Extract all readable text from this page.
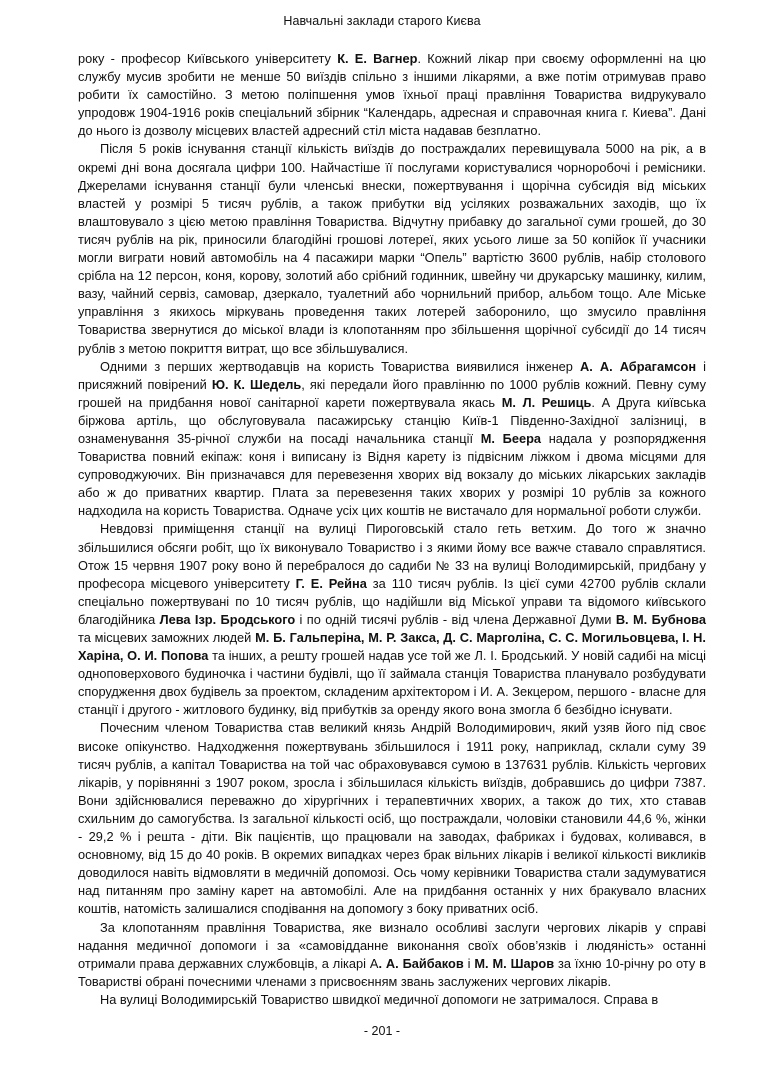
Навчальні заклади старого Києва

року - професор Київського університету К. Е. Вагнер. Кожний лікар при своєму оформленні на цю службу мусив зробити не менше 50 виїздів спільно з іншими лікарями, а вже потім отримував право робити їх самостійно. З метою поліпшення умов їхньої праці правління Товариства видрукувало упродовж 1904-1916 років спеціальний збірник “Календарь, адресная и справочная книга г. Киева”. Дані до нього із дозволу місцевих властей адресний стіл міста надавав безплатно.

Після 5 років існування станції кількість виїздів до постраждалих перевищувала 5000 на рік, а в окремі дні вона досягала цифри 100. Найчастіше її послугами користувалися чорноробочі і ремісники. Джерелами існування станції були членські внески, пожертвування і щорічна субсидія від міських властей у розмірі 5 тисяч рублів, а також прибутки від усіляких розважальних заходів, що їх влаштовувало з цією метою правління Товариства. Відчутну прибавку до загальної суми грошей, до 30 тисяч рублів на рік, приносили благодійні грошові лотереї, яких усього лише за 50 копійок її учасники могли виграти новий автомобіль на 4 пасажири марки “Опель” вартістю 3600 рублів, набір столового срібла на 12 персон, коня, корову, золотий або срібний годинник, швейну чи друкарську машинку, килим, вазу, чайний сервіз, самовар, дзеркало, туалетний або чорнильний прибор, альбом тощо. Але Міське управління з якихось міркувань проведення таких лотерей заборонило, що змусило правління Товариства звернутися до міської влади із клопотанням про збільшення щорічної субсидії до 14 тисяч рублів з метою покриття витрат, що все збільшувалися.

Одними з перших жертводавців на користь Товариства виявилися інженер А. А. Абрагамсон і присяжний повірений Ю. К. Шедель, які передали його правлінню по 1000 рублів кожний. Певну суму грошей на придбання нової санітарної карети пожертвувала якась М. Л. Решиць. А Друга київська біржова артіль, що обслуговувала пасажирську станцію Київ-1 Південно-Західної залізниці, в ознаменування 35-річної служби на посаді начальника станції М. Беера надала у розпорядження Товариства повний екіпаж: коня і виписану із Відня карету із підвісним ліжком і двома місцями для супроводжуючих. Він призначався для перевезення хворих від вокзалу до міських лікарських закладів або ж до приватних квартир. Плата за перевезення таких хворих у розмірі 10 рублів за кожного надходила на користь Товариства. Одначе усіх цих коштів не вистачало для нормальної роботи служби.

Невдовзі приміщення станції на вулиці Пироговській стало геть ветхим. До того ж значно збільшилися обсяги робіт, що їх виконувало Товариство і з якими йому все важче ставало справлятися. Отож 15 червня 1907 року воно й перебралося до садиби № 33 на вулиці Володимирській, придбану у професора місцевого університету Г. Е. Рейна за 110 тисяч рублів. Із цієї суми 42700 рублів склали спеціально пожертвувані по 10 тисяч рублів, що надійшли від Міської управи та відомого київського благодійника Лева Ізр. Бродського і по одній тисячі рублів - від члена Державної Думи В. М. Бубнова та місцевих заможних людей М. Б. Гальперіна, М. Р. Закса, Д. С. Марголіна, С. С. Могильовцева, І. Н. Харіна, О. И. Попова та інших, а решту грошей надав усе той же Л. І. Бродський. У новій садибі на місці одноповерхового будиночка і частини будівлі, що її займала станція Товариства планувало розбудувати спорудження двох будівель за проектом, складеним архітектором і И. А. Зекцером, першого - власне для станції і другого - житлового будинку, від прибутків за оренду якого вона змогла б безбідно існувати.

Почесним членом Товариства став великий князь Андрій Володимирович, який узяв його під своє високе опікунство. Надходження пожертвувань збільшилося і 1911 року, наприклад, склали суму 39 тисяч рублів, а капітал Товариства на той час обраховувався сумою в 137631 рублів. Кількість чергових лікарів, у порівнянні з 1907 роком, зросла і збільшилася кількість виїздів, добравшись до цифри 7387. Вони здійснювалися переважно до хірургічних і терапевтичних хворих, а також до тих, хто ставав схильним до самогубства. Із загальної кількості осіб, що постраждали, чоловіки становили 44,6 %, жінки - 29,2 % і решта - діти. Вік пацієнтів, що працювали на заводах, фабриках і будовах, коливався, в основному, від 15 до 40 років. В окремих випадках через брак вільних лікарів і великої кількості викликів доводилося навіть відмовляти в медичній допомозі. Ось чому керівники Товариства стали задумуватися над питанням про заміну карет на автомобілі. Але на придбання останніх у них бракувало власних коштів, натомість залишалися сподівання на допомогу з боку приватних осіб.

За клопотанням правління Товариства, яке визнало особливі заслуги чергових лікарів у справі надання медичної допомоги і за «самовідданне виконання своїх обов’язків і людяність» останні отримали права державних службовців, а лікарі А. А. Байбаков і М. М. Шаров за їхню 10-річну ро оту в Товаристві обрані почесними членами з присвоєнням звань заслужених чергових лікарів.

На вулиці Володимирській Товариство швидкої медичної допомоги не затрималося. Справа в

- 201 -
